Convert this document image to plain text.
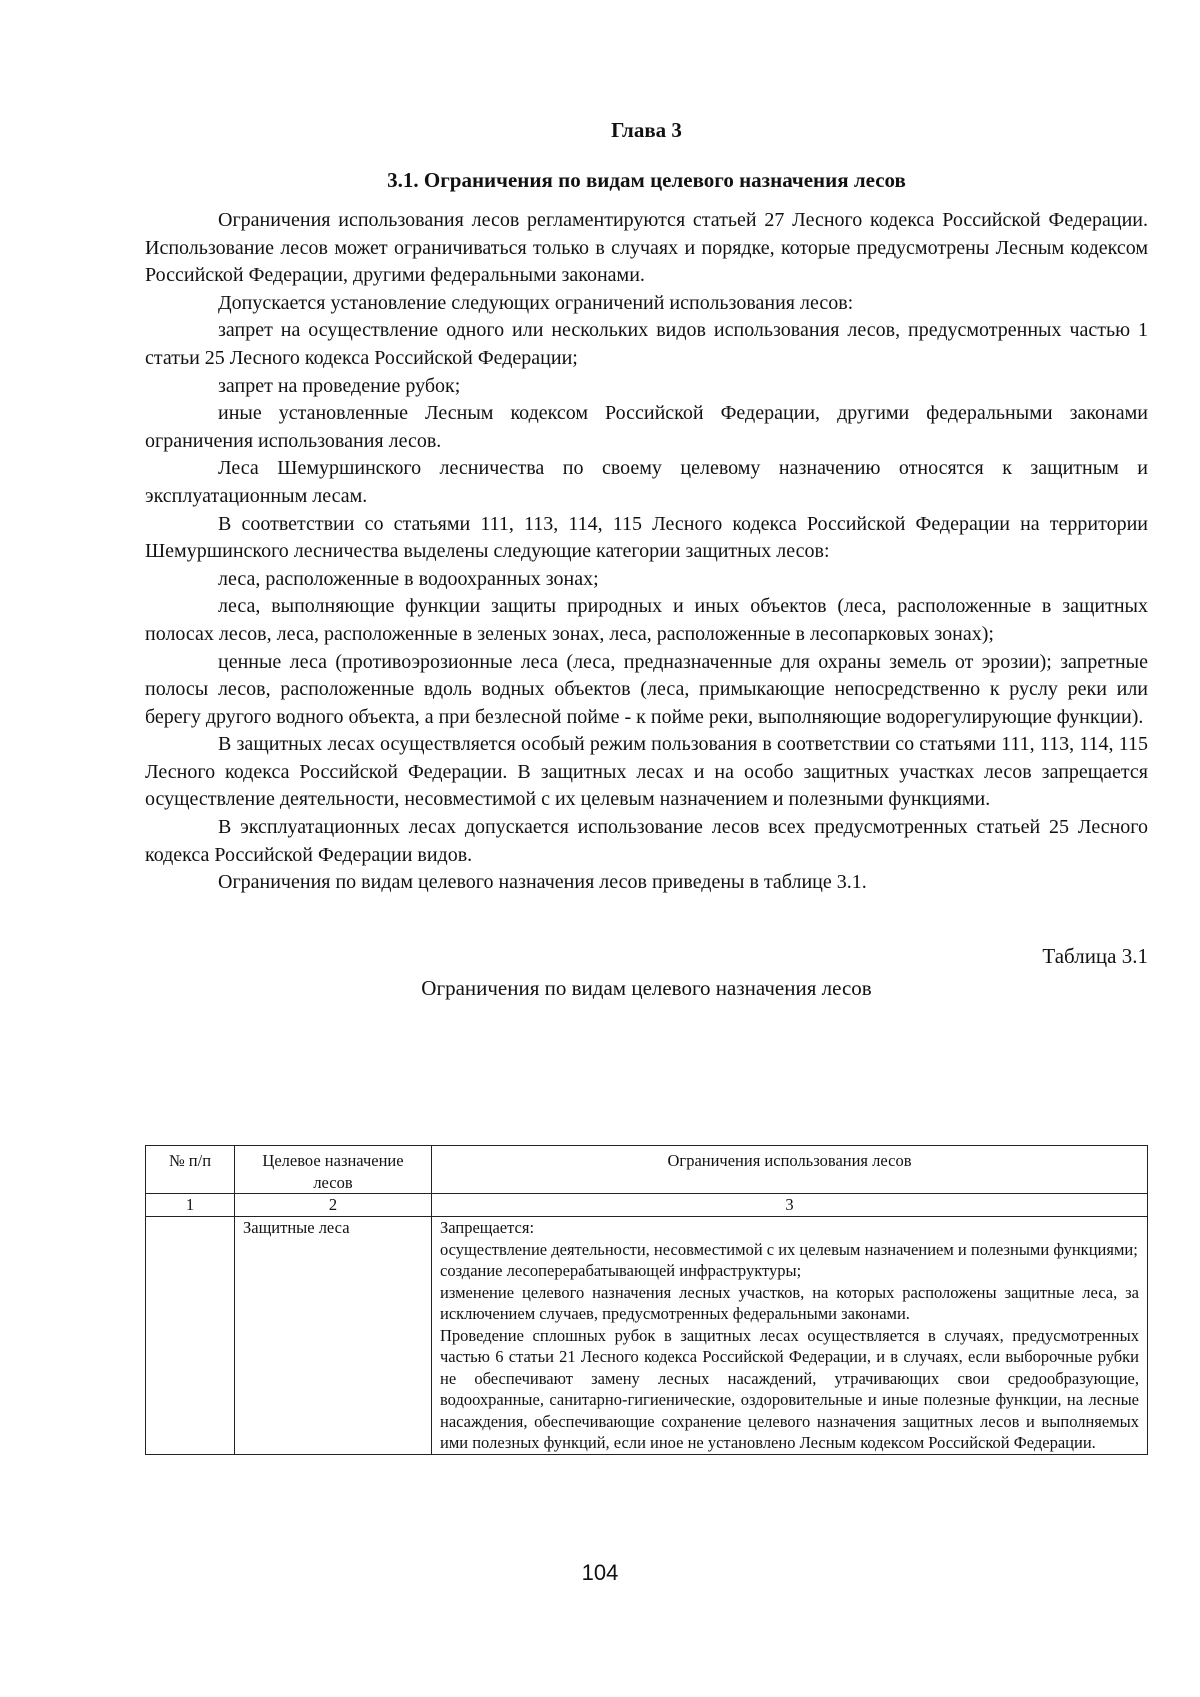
Глава 3
3.1. Ограничения по видам целевого назначения лесов

Ограничения использования лесов регламентируются статьей 27 Лесного кодекса Российской Федерации. Использование лесов может ограничиваться только в случаях и порядке, которые предусмотрены Лесным кодексом Российской Федерации, другими федеральными законами.

Допускается установление следующих ограничений использования лесов:

запрет на осуществление одного или нескольких видов использования лесов, предусмотренных частью 1 статьи 25 Лесного кодекса Российской Федерации;

запрет на проведение рубок;

иные установленные Лесным кодексом Российской Федерации, другими федеральными законами ограничения использования лесов.

Леса Шемуршинского лесничества по своему целевому назначению относятся к защитным и эксплуатационным лесам.

В соответствии со статьями 111, 113, 114, 115 Лесного кодекса Российской Федерации на территории Шемуршинского лесничества выделены следующие категории защитных лесов:

леса, расположенные в водоохранных зонах;

леса, выполняющие функции защиты природных и иных объектов (леса, расположенные в защитных полосах лесов, леса, расположенные в зеленых зонах, леса, расположенные в лесопарковых зонах);

ценные леса (противоэрозионные леса (леса, предназначенные для охраны земель от эрозии); запретные полосы лесов, расположенные вдоль водных объектов (леса, примыкающие непосредственно к руслу реки или берегу другого водного объекта, а при безлесной пойме - к пойме реки, выполняющие водорегулирующие функции).

В защитных лесах осуществляется особый режим пользования в соответствии со статьями 111, 113, 114, 115 Лесного кодекса Российской Федерации. В защитных лесах и на особо защитных участках лесов запрещается осуществление деятельности, несовместимой с их целевым назначением и полезными функциями.

В эксплуатационных лесах допускается использование лесов всех предусмотренных статьей 25 Лесного кодекса Российской Федерации видов.

Ограничения по видам целевого назначения лесов приведены в таблице 3.1.

Таблица 3.1
Ограничения по видам целевого назначения лесов
№ п/п	Целевое назначение лесов	Ограничения использования лесов
1	2	3
	Защитные леса	Запрещается:
осуществление деятельности, несовместимой с их целевым назначением и полезными функциями;
создание лесоперерабатывающей инфраструктуры;
изменение целевого назначения лесных участков, на которых расположены защитные леса, за исключением случаев, предусмотренных федеральными законами.
Проведение сплошных рубок в защитных лесах осуществляется в случаях, предусмотренных частью 6 статьи 21 Лесного кодекса Российской Федерации, и в случаях, если выборочные рубки не обеспечивают замену лесных насаждений, утрачивающих свои средообразующие, водоохранные, санитарно-гигиенические, оздоровительные и иные полезные функции, на лесные насаждения, обеспечивающие сохранение целевого назначения защитных лесов и выполняемых ими полезных функций, если иное не установлено Лесным кодексом Российской Федерации.
104
